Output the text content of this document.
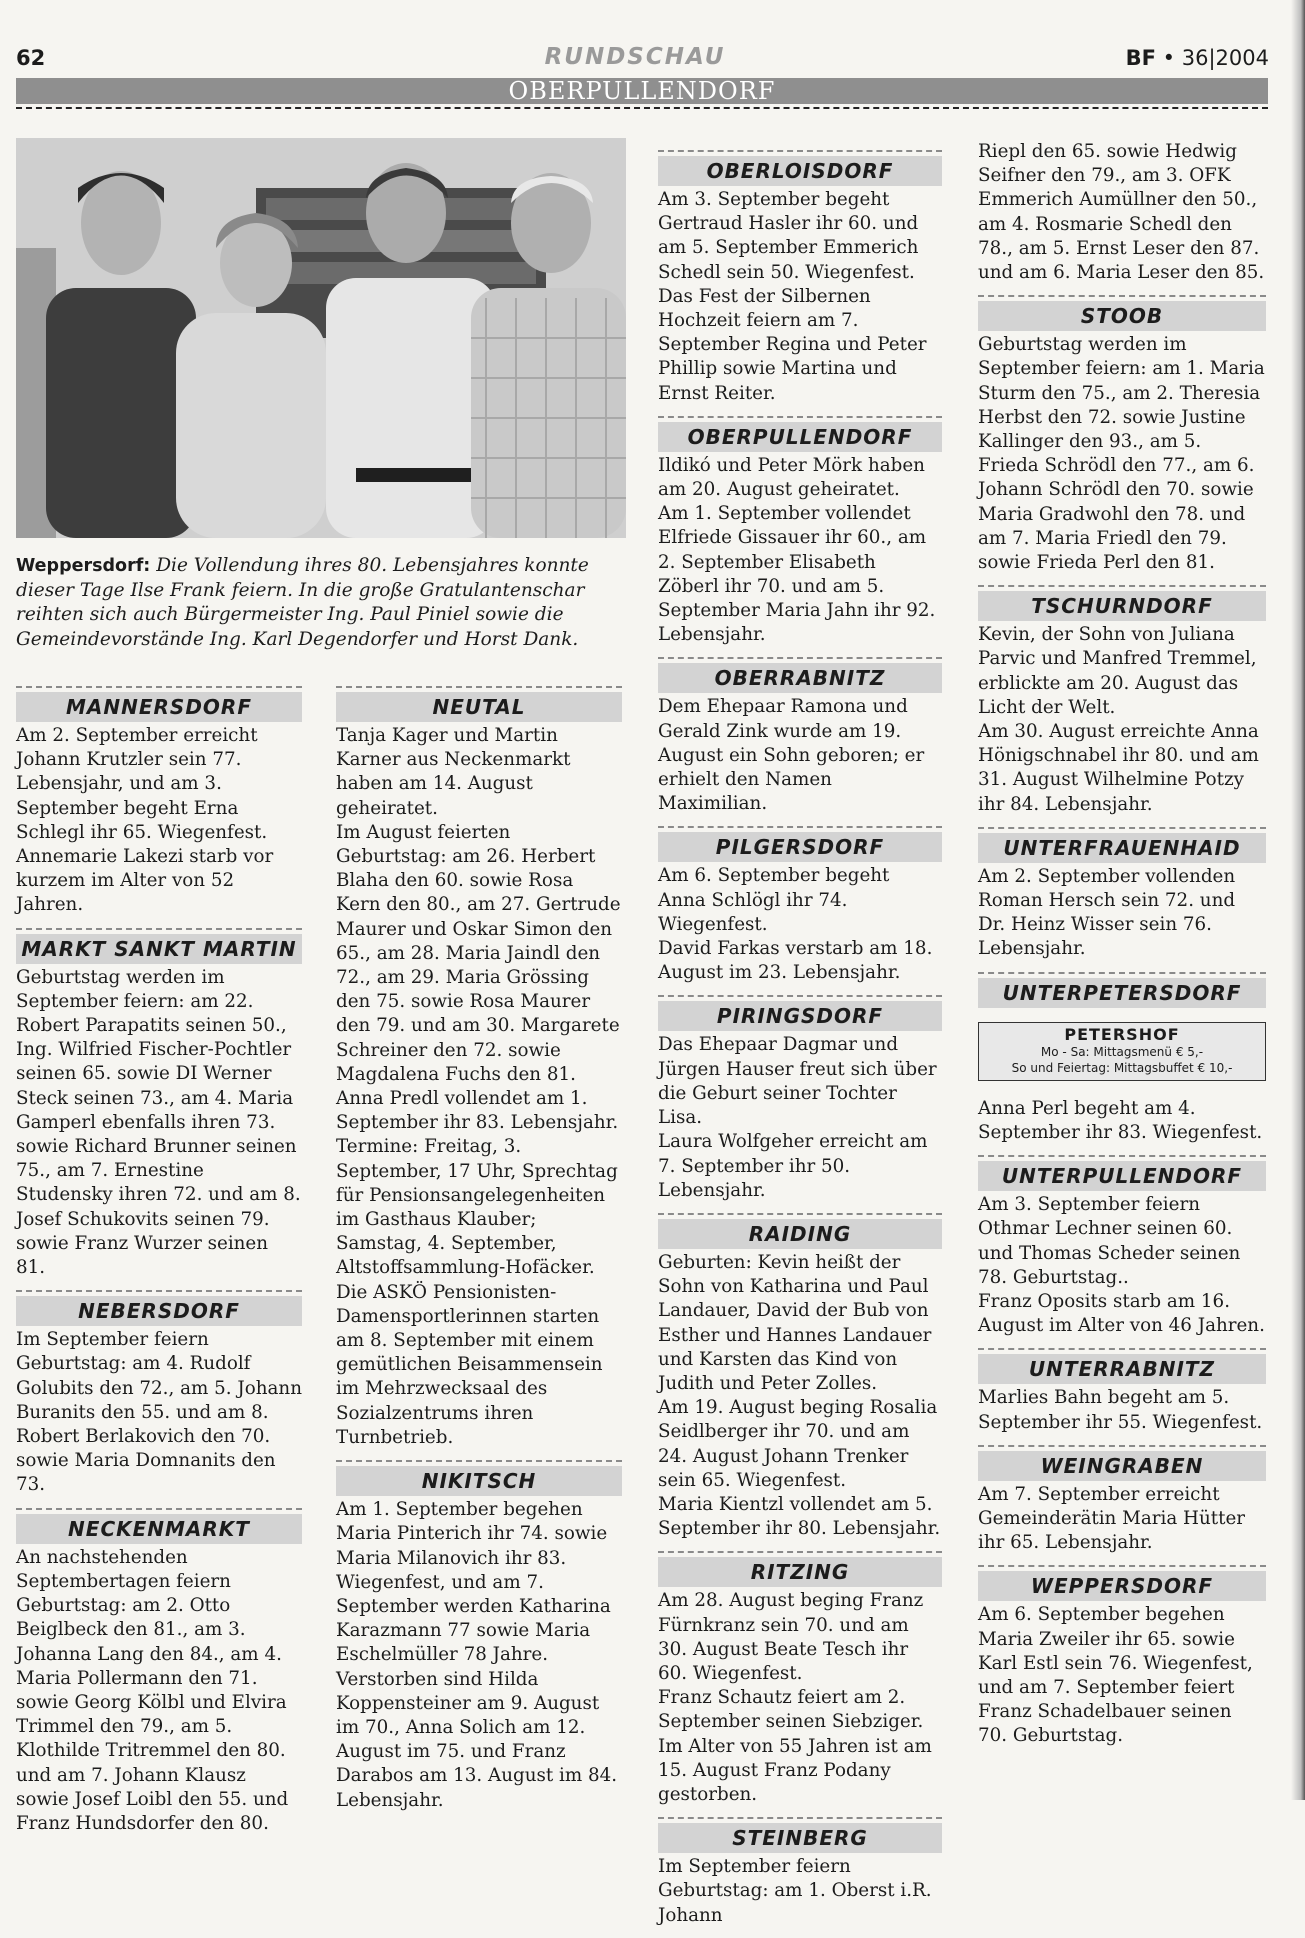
62	RUNDSCHAU	BF • 36|2004
OBERPULLENDORF
Weppersdorf: Die Vollendung ihres 80. Lebensjahres konnte dieser Tage Ilse Frank feiern. In die große Gratulantenschar reihten sich auch Bürgermeister Ing. Paul Piniel sowie die Gemeindevorstände Ing. Karl Degendorfer und Horst Dank.
MANNERSDORF

Am 2. September erreicht Johann Krutzler sein 77. Lebensjahr, und am 3. September begeht Erna Schlegl ihr 65. Wiegenfest.
Annemarie Lakezi starb vor kurzem im Alter von 52 Jahren.

MARKT SANKT MARTIN

Geburtstag werden im September feiern: am 22. Robert Parapatits seinen 50., Ing. Wilfried Fischer-Pochtler seinen 65. sowie DI Werner Steck seinen 73., am 4. Maria Gamperl ebenfalls ihren 73. sowie Richard Brunner seinen 75., am 7. Ernestine Studensky ihren 72. und am 8. Josef Schukovits seinen 79. sowie Franz Wurzer seinen 81.

NEBERSDORF

Im September feiern Geburtstag: am 4. Rudolf Golubits den 72., am 5. Johann Buranits den 55. und am 8. Robert Berlakovich den 70. sowie Maria Domnanits den 73.

NECKENMARKT

An nachstehenden Septembertagen feiern Geburtstag: am 2. Otto Beiglbeck den 81., am 3. Johanna Lang den 84., am 4. Maria Pollermann den 71. sowie Georg Kölbl und Elvira Trimmel den 79., am 5. Klothilde Tritremmel den 80. und am 7. Johann Klausz sowie Josef Loibl den 55. und Franz Hundsdorfer den 80.

NEUTAL

Tanja Kager und Martin Karner aus Neckenmarkt haben am 14. August geheiratet.
Im August feierten Geburtstag: am 26. Herbert Blaha den 60. sowie Rosa Kern den 80., am 27. Gertrude Maurer und Oskar Simon den 65., am 28. Maria Jaindl den 72., am 29. Maria Grössing den 75. sowie Rosa Maurer den 79. und am 30. Margarete Schreiner den 72. sowie Magdalena Fuchs den 81.
Anna Predl vollendet am 1. September ihr 83. Lebensjahr.
Termine: Freitag, 3. September, 17 Uhr, Sprechtag für Pensionsangelegenheiten im Gasthaus Klauber; Samstag, 4. September, Altstoffsammlung-Hofäcker.
Die ASKÖ Pensionisten-Damensportlerinnen starten am 8. September mit einem gemütlichen Beisammensein im Mehrzwecksaal des Sozialzentrums ihren Turnbetrieb.

NIKITSCH

Am 1. September begehen Maria Pinterich ihr 74. sowie Maria Milanovich ihr 83. Wiegenfest, und am 7. September werden Katharina Karazmann 77 sowie Maria Eschelmüller 78 Jahre.
Verstorben sind Hilda Koppensteiner am 9. August im 70., Anna Solich am 12. August im 75. und Franz Darabos am 13. August im 84. Lebensjahr.

OBERLOISDORF

Am 3. September begeht Gertraud Hasler ihr 60. und am 5. September Emmerich Schedl sein 50. Wiegenfest.
Das Fest der Silbernen Hochzeit feiern am 7. September Regina und Peter Phillip sowie Martina und Ernst Reiter.

OBERPULLENDORF

Ildikó und Peter Mörk haben am 20. August geheiratet.
Am 1. September vollendet Elfriede Gissauer ihr 60., am 2. September Elisabeth Zöberl ihr 70. und am 5. September Maria Jahn ihr 92. Lebensjahr.

OBERRABNITZ

Dem Ehepaar Ramona und Gerald Zink wurde am 19. August ein Sohn geboren; er erhielt den Namen Maximilian.

PILGERSDORF

Am 6. September begeht Anna Schlögl ihr 74. Wiegenfest.
David Farkas verstarb am 18. August im 23. Lebensjahr.

PIRINGSDORF

Das Ehepaar Dagmar und Jürgen Hauser freut sich über die Geburt seiner Tochter Lisa.
Laura Wolfgeher erreicht am 7. September ihr 50. Lebensjahr.

RAIDING

Geburten: Kevin heißt der Sohn von Katharina und Paul Landauer, David der Bub von Esther und Hannes Landauer und Karsten das Kind von Judith und Peter Zolles.
Am 19. August beging Rosalia Seidlberger ihr 70. und am 24. August Johann Trenker sein 65. Wiegenfest.
Maria Kientzl vollendet am 5. September ihr 80. Lebensjahr.

RITZING

Am 28. August beging Franz Fürnkranz sein 70. und am 30. August Beate Tesch ihr 60. Wiegenfest.
Franz Schautz feiert am 2. September seinen Siebziger.
Im Alter von 55 Jahren ist am 15. August Franz Podany gestorben.

STEINBERG

Im September feiern Geburtstag: am 1. Oberst i.R. Johann

Riepl den 65. sowie Hedwig Seifner den 79., am 3. OFK Emmerich Aumüllner den 50., am 4. Rosmarie Schedl den 78., am 5. Ernst Leser den 87. und am 6. Maria Leser den 85.

STOOB

Geburtstag werden im September feiern: am 1. Maria Sturm den 75., am 2. Theresia Herbst den 72. sowie Justine Kallinger den 93., am 5. Frieda Schrödl den 77., am 6. Johann Schrödl den 70. sowie Maria Gradwohl den 78. und am 7. Maria Friedl den 79. sowie Frieda Perl den 81.

TSCHURNDORF

Kevin, der Sohn von Juliana Parvic und Manfred Tremmel, erblickte am 20. August das Licht der Welt.
Am 30. August erreichte Anna Hönigschnabel ihr 80. und am 31. August Wilhelmine Potzy ihr 84. Lebensjahr.

UNTERFRAUENHAID

Am 2. September vollenden Roman Hersch sein 72. und Dr. Heinz Wisser sein 76. Lebensjahr.

UNTERPETERSDORF
PETERSHOF
Mo - Sa: Mittagsmenü € 5,-
So und Feiertag: Mittagsbuffet € 10,-

Anna Perl begeht am 4. September ihr 83. Wiegenfest.

UNTERPULLENDORF

Am 3. September feiern Othmar Lechner seinen 60. und Thomas Scheder seinen 78. Geburtstag..
Franz Oposits starb am 16. August im Alter von 46 Jahren.

UNTERRABNITZ

Marlies Bahn begeht am 5. September ihr 55. Wiegenfest.

WEINGRABEN

Am 7. September erreicht Gemeinderätin Maria Hütter ihr 65. Lebensjahr.

WEPPERSDORF

Am 6. September begehen Maria Zweiler ihr 65. sowie Karl Estl sein 76. Wiegenfest, und am 7. September feiert Franz Schadelbauer seinen 70. Geburtstag.
